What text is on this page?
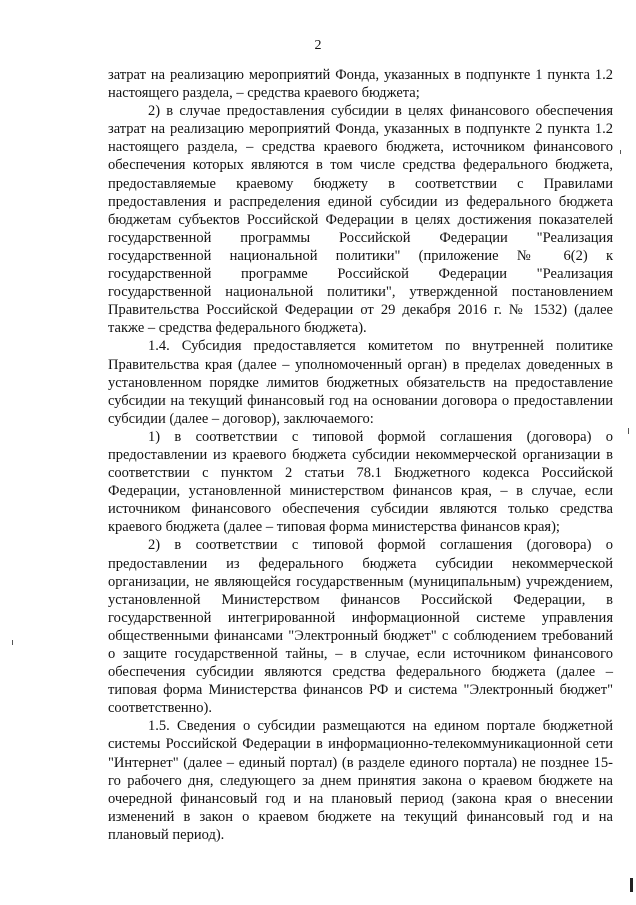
2

затрат на реализацию мероприятий Фонда, указанных в подпункте 1 пункта 1.2 настоящего раздела, – средства краевого бюджета;

2) в случае предоставления субсидии в целях финансового обеспечения затрат на реализацию мероприятий Фонда, указанных в подпункте 2 пункта 1.2 настоящего раздела, – средства краевого бюджета, источником финансового обеспечения которых являются в том числе средства федерального бюджета, предоставляемые краевому бюджету в соответствии с Правилами предоставления и распределения единой субсидии из федерального бюджета бюджетам субъектов Российской Федерации в целях достижения показателей государственной программы Российской Федерации "Реализация государственной национальной политики" (приложение № 6(2) к государственной программе Российской Федерации "Реализация государственной национальной политики", утвержденной постановлением Правительства Российской Федерации от 29 декабря 2016 г. № 1532) (далее также – средства федерального бюджета).

1.4. Субсидия предоставляется комитетом по внутренней политике Правительства края (далее – уполномоченный орган) в пределах доведенных в установленном порядке лимитов бюджетных обязательств на предоставление субсидии на текущий финансовый год на основании договора о предоставлении субсидии (далее – договор), заключаемого:

1) в соответствии с типовой формой соглашения (договора) о предоставлении из краевого бюджета субсидии некоммерческой организации в соответствии с пунктом 2 статьи 78.1 Бюджетного кодекса Российской Федерации, установленной министерством финансов края, – в случае, если источником финансового обеспечения субсидии являются только средства краевого бюджета (далее – типовая форма министерства финансов края);

2) в соответствии с типовой формой соглашения (договора) о предоставлении из федерального бюджета субсидии некоммерческой организации, не являющейся государственным (муниципальным) учреждением, установленной Министерством финансов Российской Федерации, в государственной интегрированной информационной системе управления общественными финансами "Электронный бюджет" с соблюдением требований о защите государственной тайны, – в случае, если источником финансового обеспечения субсидии являются средства федерального бюджета (далее – типовая форма Министерства финансов РФ и система "Электронный бюджет" соответственно).

1.5. Сведения о субсидии размещаются на едином портале бюджетной системы Российской Федерации в информационно-телекоммуникационной сети "Интернет" (далее – единый портал) (в разделе единого портала) не позднее 15-го рабочего дня, следующего за днем принятия закона о краевом бюджете на очередной финансовый год и на плановый период (закона края о внесении изменений в закон о краевом бюджете на текущий финансовый год и на плановый период).
